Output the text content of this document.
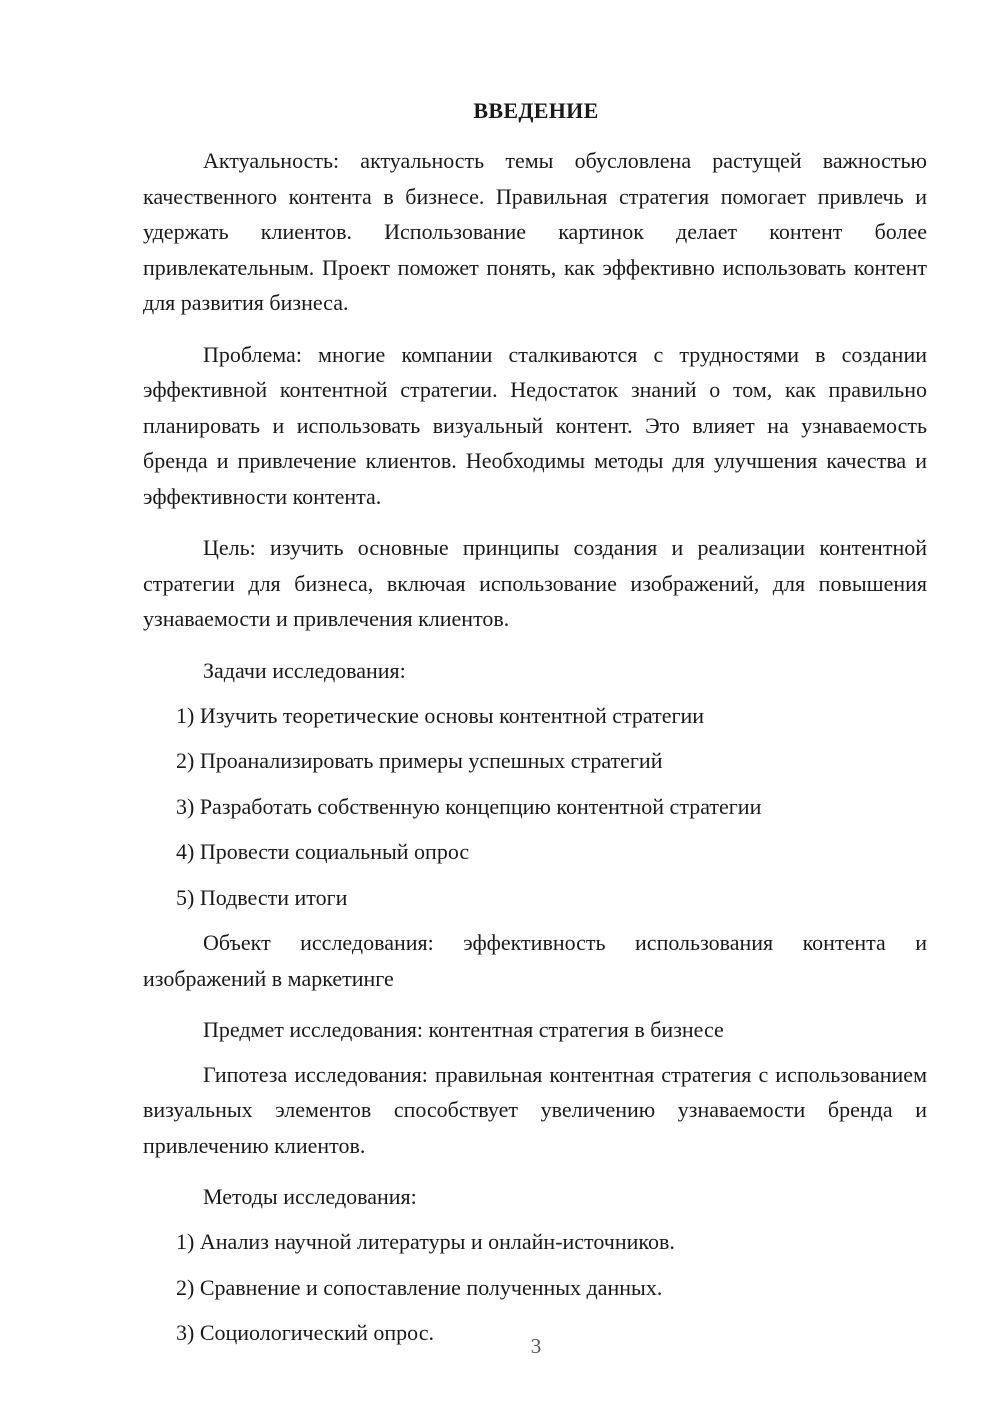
ВВЕДЕНИЕ

Актуальность: актуальность темы обусловлена растущей важностью качественного контента в бизнесе. Правильная стратегия помогает привлечь и удержать клиентов. Использование картинок делает контент более привлекательным. Проект поможет понять, как эффективно использовать контент для развития бизнеса.

Проблема: многие компании сталкиваются с трудностями в создании эффективной контентной стратегии. Недостаток знаний о том, как правильно планировать и использовать визуальный контент. Это влияет на узнаваемость бренда и привлечение клиентов. Необходимы методы для улучшения качества и эффективности контента.

Цель: изучить основные принципы создания и реализации контентной стратегии для бизнеса, включая использование изображений, для повышения узнаваемости и привлечения клиентов.

Задачи исследования:

1) Изучить теоретические основы контентной стратегии

2) Проанализировать примеры успешных стратегий

3) Разработать собственную концепцию контентной стратегии

4) Провести социальный опрос

5) Подвести итоги

Объект исследования: эффективность использования контента и изображений в маркетинге

Предмет исследования: контентная стратегия в бизнесе

Гипотеза исследования: правильная контентная стратегия с использованием визуальных элементов способствует увеличению узнаваемости бренда и привлечению клиентов.

Методы исследования:

1) Анализ научной литературы и онлайн-источников.

2) Сравнение и сопоставление полученных данных.

3) Социологический опрос.

3
